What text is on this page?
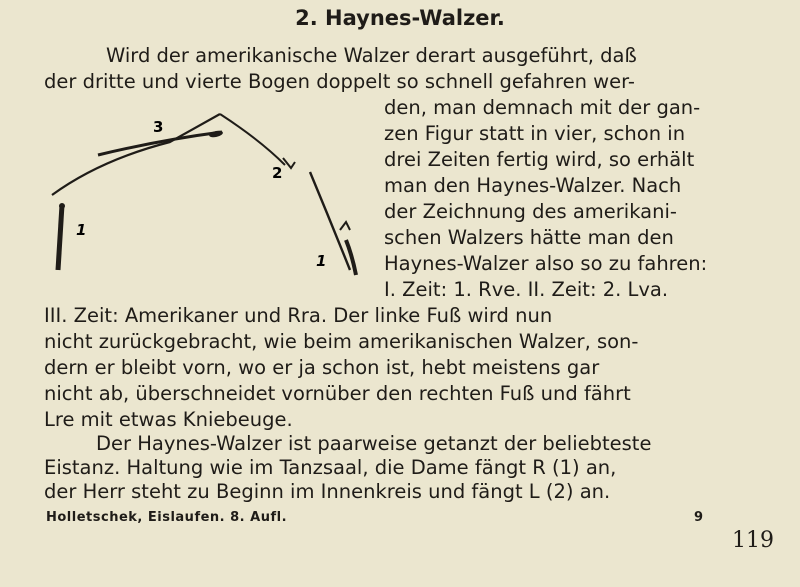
2. Haynes-Walzer.
Wird der amerikanische Walzer derart ausgeführt, daß
der dritte und vierte Bogen doppelt so schnell gefahren wer-
den, man demnach mit der gan-
zen Figur statt in vier, schon in
drei Zeiten fertig wird, so erhält
man den Haynes-Walzer. Nach
der Zeichnung des amerikani-
schen Walzers hätte man den
Haynes-Walzer also so zu fahren:
I. Zeit: 1. Rve. II. Zeit: 2. Lva.
III. Zeit: Amerikaner und Rra. Der linke Fuß wird nun
nicht zurückgebracht, wie beim amerikanischen Walzer, son-
dern er bleibt vorn, wo er ja schon ist, hebt meistens gar
nicht ab, überschneidet vornüber den rechten Fuß und fährt
Lre mit etwas Kniebeuge.
Der Haynes-Walzer ist paarweise getanzt der beliebteste
Eistanz. Haltung wie im Tanzsaal, die Dame fängt R (1) an,
der Herr steht zu Beginn im Innenkreis und fängt L (2) an.
3
2
1
1
Holletschek, Eislaufen. 8. Aufl.	9
119
